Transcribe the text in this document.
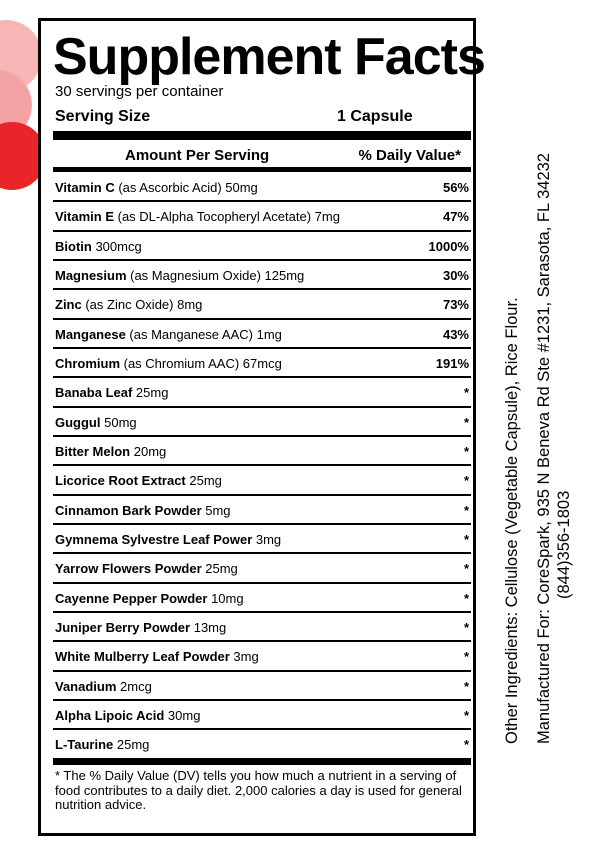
Supplement Facts
30 servings per container
Serving Size	1 Capsule
Amount Per Serving	% Daily Value*
Vitamin C (as Ascorbic Acid) 50mg	56%
Vitamin E (as DL-Alpha Tocopheryl Acetate) 7mg	47%
Biotin 300mcg	1000%
Magnesium (as Magnesium Oxide) 125mg	30%
Zinc (as Zinc Oxide) 8mg	73%
Manganese (as Manganese AAC) 1mg	43%
Chromium (as Chromium AAC) 67mcg	191%
Banaba Leaf 25mg	*
Guggul 50mg	*
Bitter Melon 20mg	*
Licorice Root Extract 25mg	*
Cinnamon Bark Powder 5mg	*
Gymnema Sylvestre Leaf Power 3mg	*
Yarrow Flowers Powder 25mg	*
Cayenne Pepper Powder 10mg	*
Juniper Berry Powder 13mg	*
White Mulberry Leaf Powder 3mg	*
Vanadium 2mcg	*
Alpha Lipoic Acid 30mg	*
L-Taurine 25mg	*
* The % Daily Value (DV) tells you how much a nutrient in a serving of food contributes to a daily diet. 2,000 calories a day is used for general nutrition advice.
Other Ingredients: Cellulose (Vegetable Capsule), Rice Flour. Manufactured For: CoreSpark, 935 N Beneva Rd Ste #1231, Sarasota, FL 34232 (844)356-1803
